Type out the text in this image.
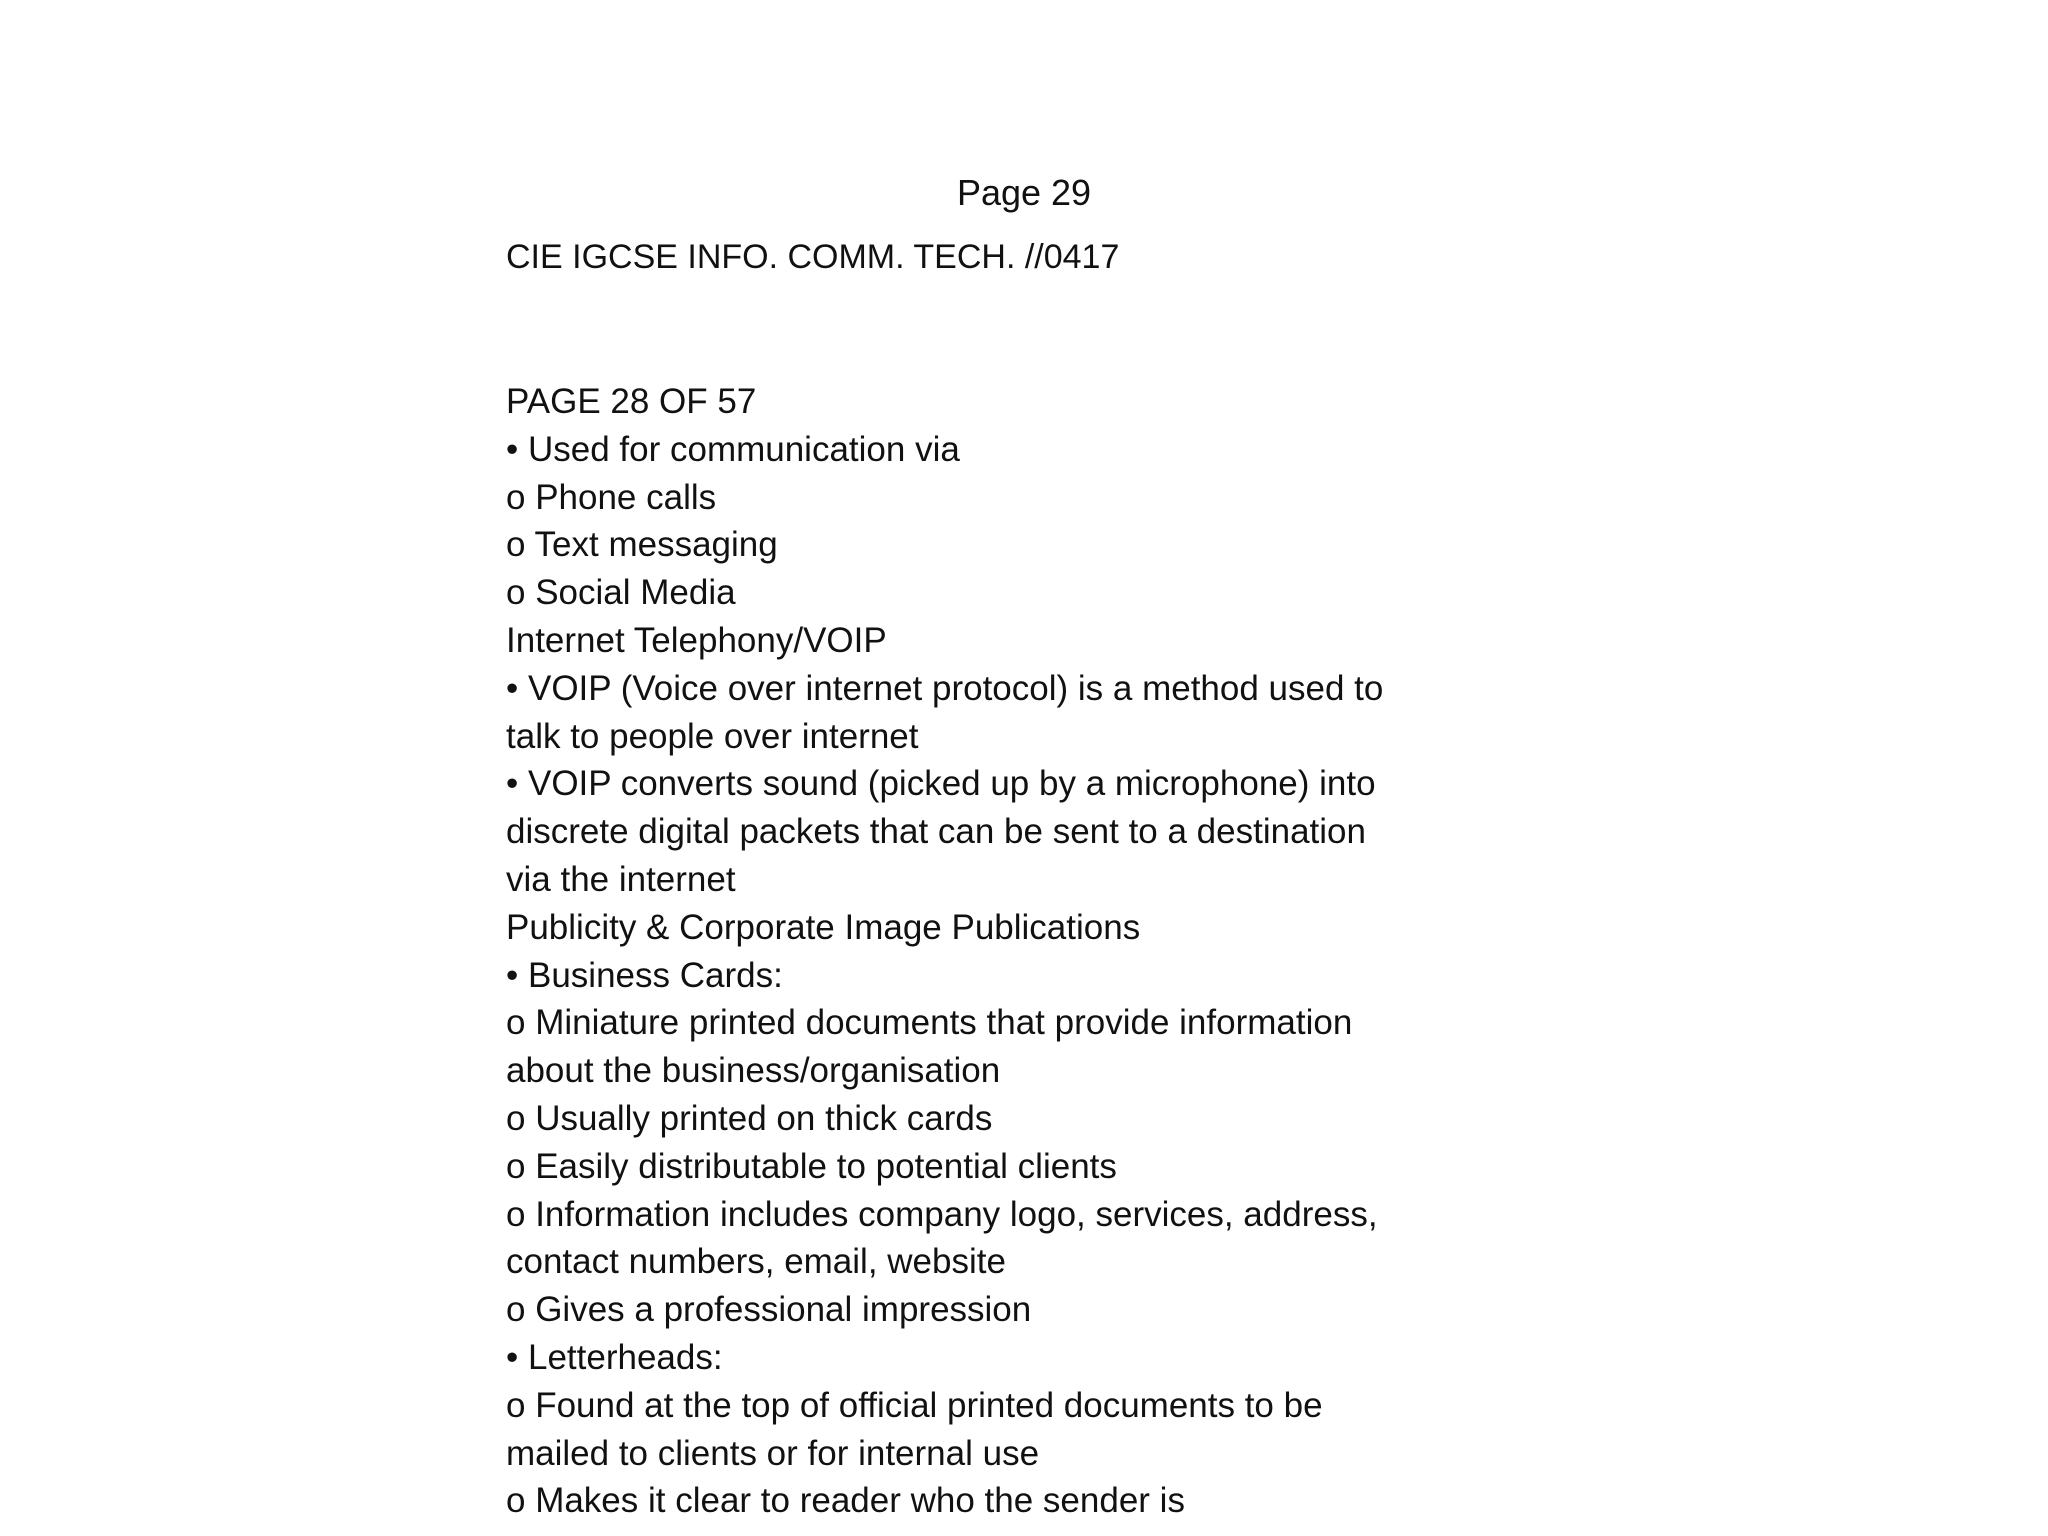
Page 29
CIE IGCSE INFO. COMM. TECH. //0417
PAGE 28 OF 57
• Used for communication via
o Phone calls
o Text messaging
o Social Media
Internet Telephony/VOIP
• VOIP (Voice over internet protocol) is a method used to
talk to people over internet
• VOIP converts sound (picked up by a microphone) into
discrete digital packets that can be sent to a destination
via the internet
Publicity & Corporate Image Publications
• Business Cards:
o Miniature printed documents that provide information
about the business/organisation
o Usually printed on thick cards
o Easily distributable to potential clients
o Information includes company logo, services, address,
contact numbers, email, website
o Gives a professional impression
• Letterheads:
o Found at the top of official printed documents to be
mailed to clients or for internal use
o Makes it clear to reader who the sender is
